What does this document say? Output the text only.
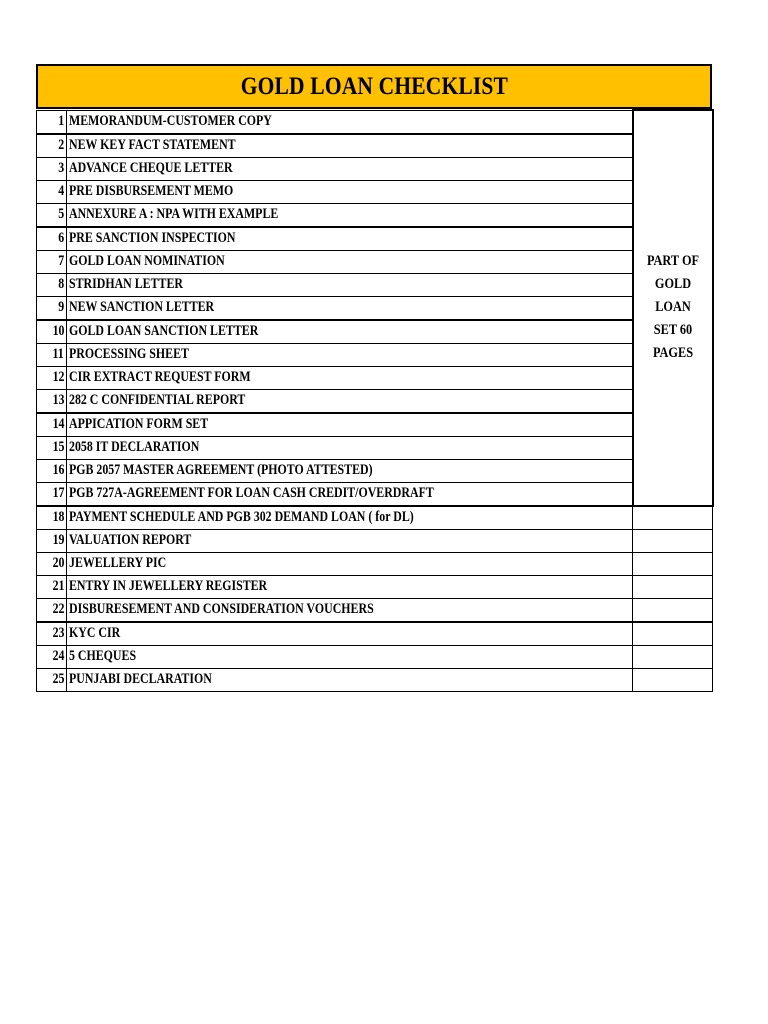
GOLD LOAN CHECKLIST
1	MEMORANDUM-CUSTOMER COPY	PART OF
GOLD LOAN
SET 60
PAGES

2	NEW KEY FACT STATEMENT	
3	ADVANCE CHEQUE LETTER	
4	PRE DISBURSEMENT MEMO	
5	ANNEXURE A : NPA WITH EXAMPLE	
6	PRE SANCTION INSPECTION	
7	GOLD LOAN NOMINATION	
8	STRIDHAN LETTER	
9	NEW SANCTION LETTER	
10	GOLD LOAN SANCTION LETTER	
11	PROCESSING SHEET	
12	CIR EXTRACT REQUEST FORM	
13	282 C CONFIDENTIAL REPORT	
14	APPICATION FORM SET	
15	2058 IT DECLARATION	
16	PGB 2057 MASTER AGREEMENT (PHOTO ATTESTED)	
17	PGB 727A-AGREEMENT FOR LOAN CASH CREDIT/OVERDRAFT	
18	PAYMENT SCHEDULE AND PGB 302 DEMAND LOAN ( for DL)	
19	VALUATION REPORT	
20	JEWELLERY PIC	
21	ENTRY IN JEWELLERY REGISTER	
22	DISBURESEMENT AND CONSIDERATION VOUCHERS	
23	KYC CIR	
24	5 CHEQUES	
25	PUNJABI DECLARATION	
